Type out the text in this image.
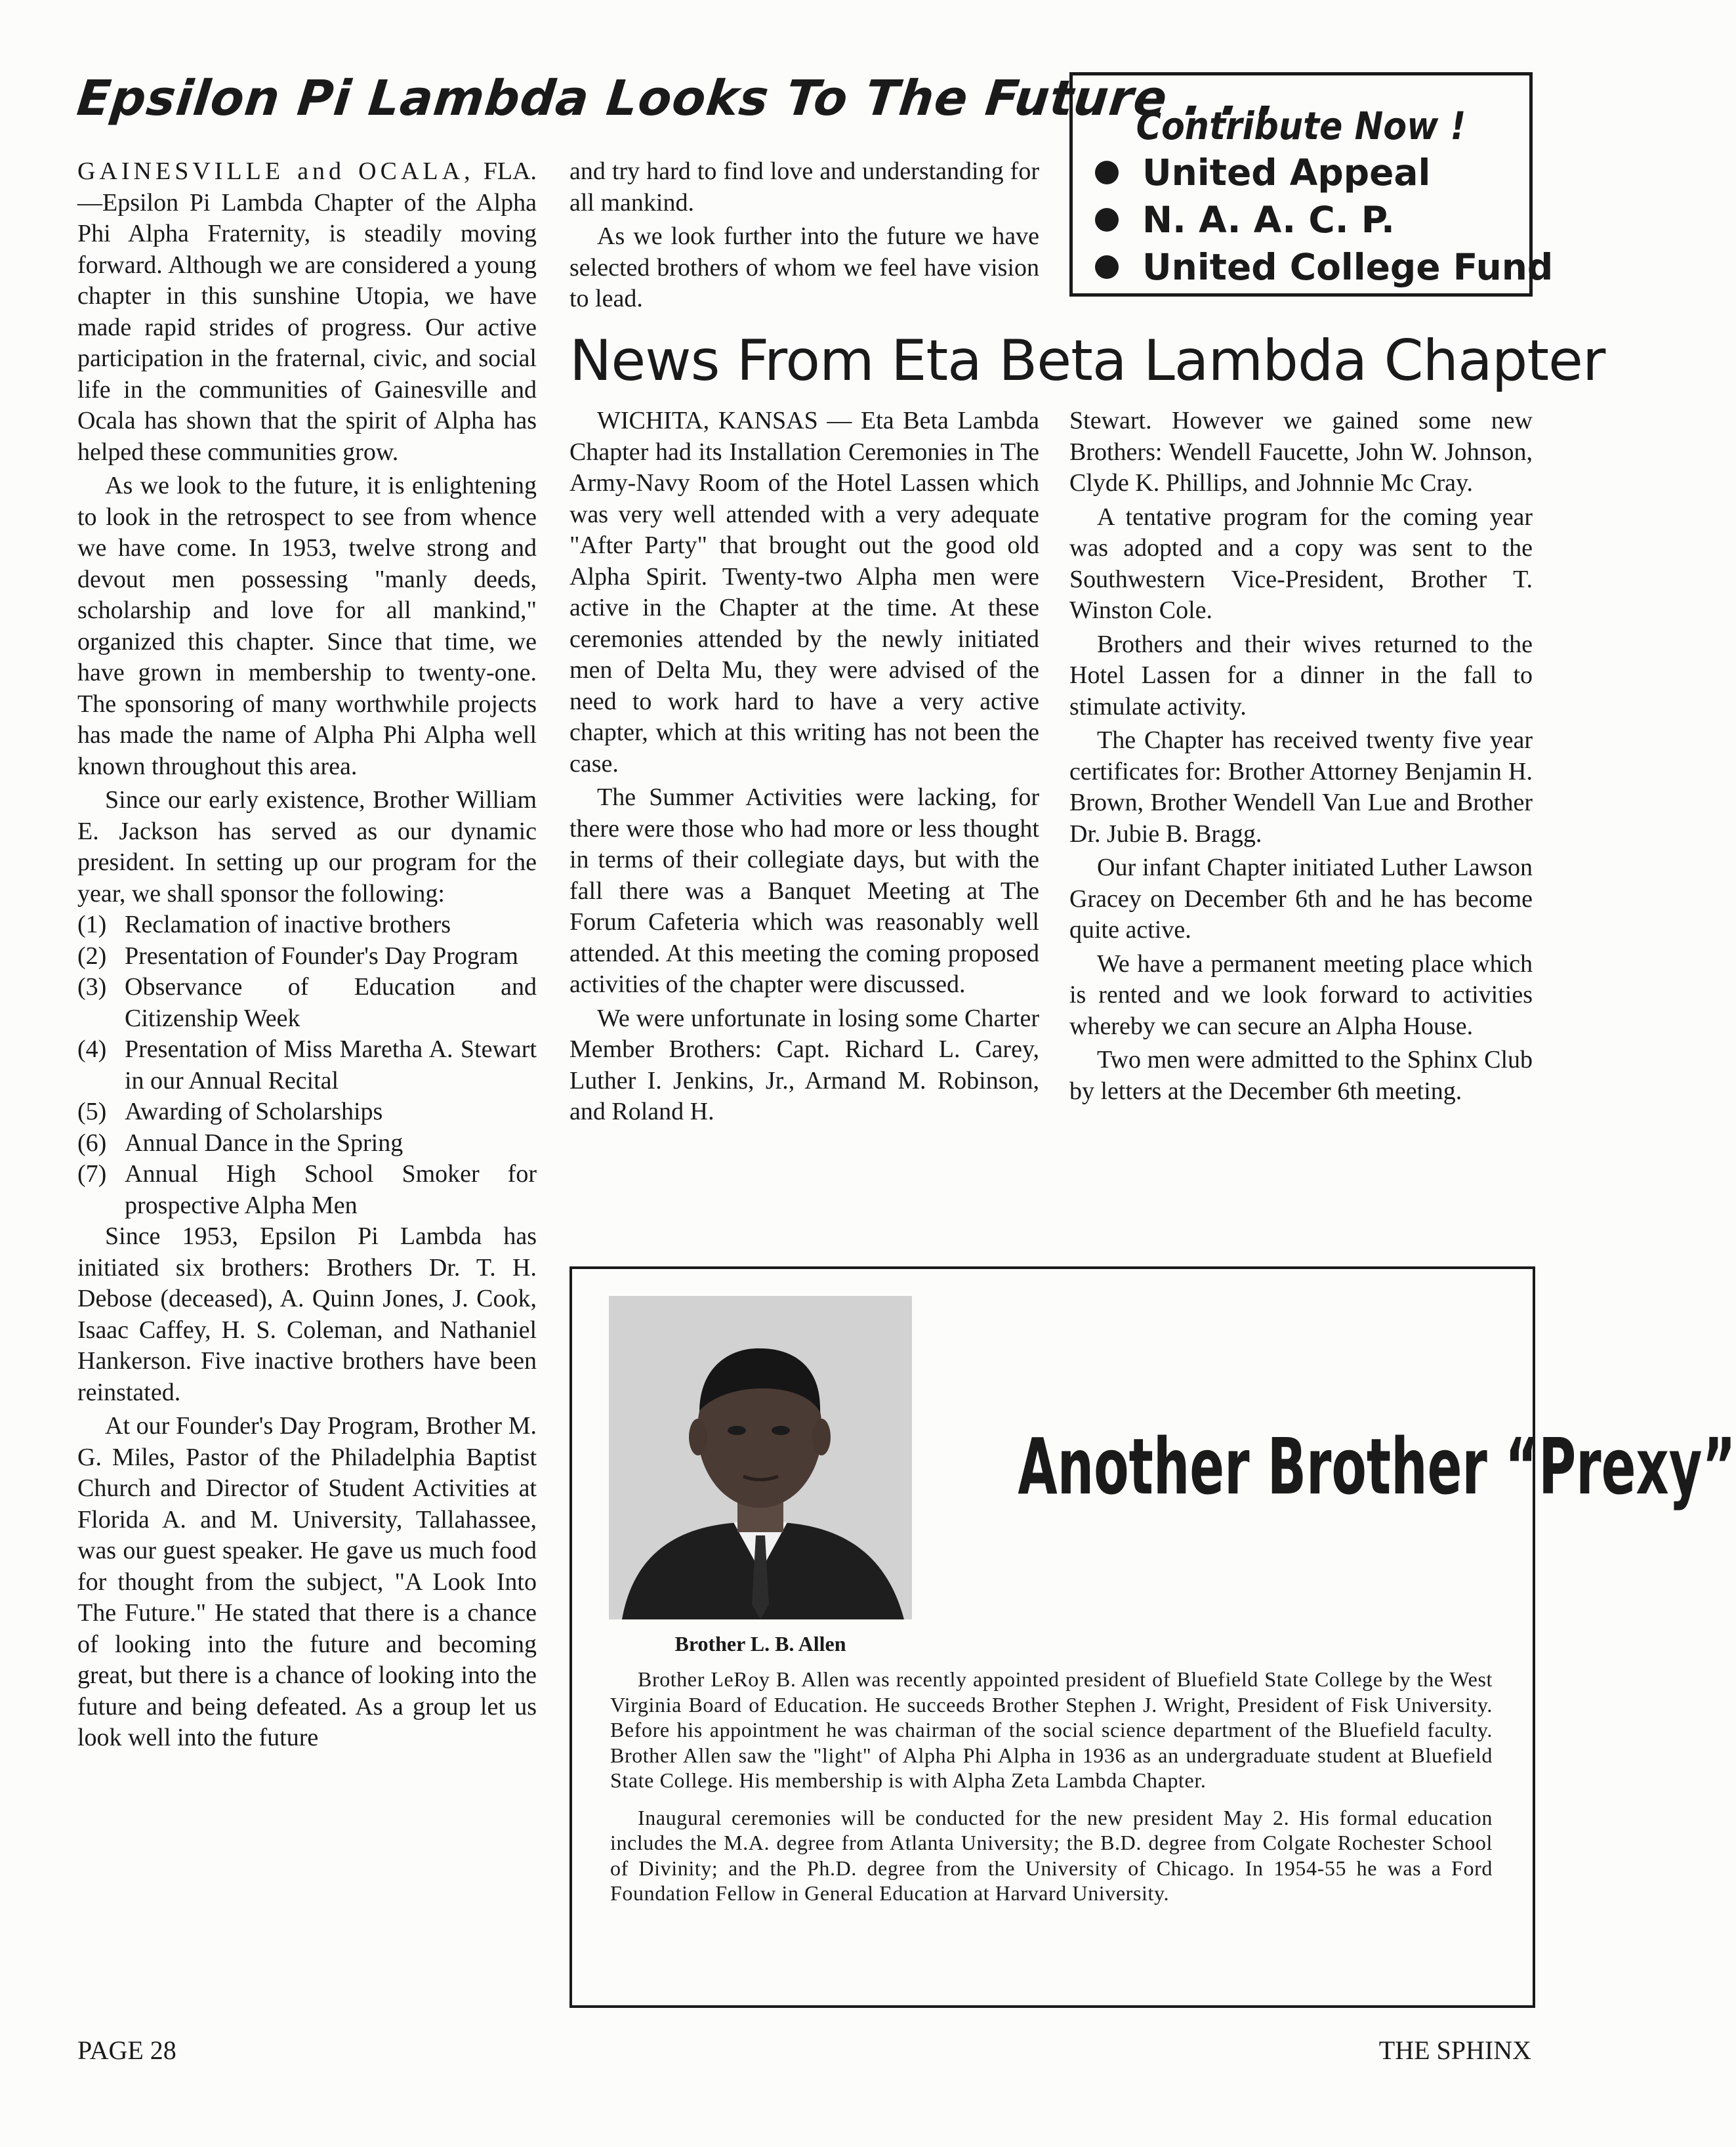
Epsilon Pi Lambda Looks To The Future . . .

GAINESVILLE and OCALA, FLA.—Epsilon Pi Lambda Chapter of the Alpha Phi Alpha Fraternity, is steadily moving forward. Although we are considered a young chapter in this sunshine Utopia, we have made rapid strides of progress. Our active participation in the fraternal, civic, and social life in the communities of Gainesville and Ocala has shown that the spirit of Alpha has helped these communities grow.

As we look to the future, it is enlightening to look in the retrospect to see from whence we have come. In 1953, twelve strong and devout men possessing "manly deeds, scholarship and love for all mankind," organized this chapter. Since that time, we have grown in membership to twenty-one. The sponsoring of many worthwhile projects has made the name of Alpha Phi Alpha well known throughout this area.

Since our early existence, Brother William E. Jackson has served as our dynamic president. In setting up our program for the year, we shall sponsor the following:

(1) Reclamation of inactive brothers
(2) Presentation of Founder's Day Program
(3) Observance of Education and Citizenship Week
(4) Presentation of Miss Maretha A. Stewart in our Annual Recital
(5) Awarding of Scholarships
(6) Annual Dance in the Spring
(7) Annual High School Smoker for prospective Alpha Men

Since 1953, Epsilon Pi Lambda has initiated six brothers: Brothers Dr. T. H. Debose (deceased), A. Quinn Jones, J. Cook, Isaac Caffey, H. S. Coleman, and Nathaniel Hankerson. Five inactive brothers have been reinstated.

At our Founder's Day Program, Brother M. G. Miles, Pastor of the Philadelphia Baptist Church and Director of Student Activities at Florida A. and M. University, Tallahassee, was our guest speaker. He gave us much food for thought from the subject, "A Look Into The Future." He stated that there is a chance of looking into the future and becoming great, but there is a chance of looking into the future and being defeated. As a group let us look well into the future

and try hard to find love and understanding for all mankind.

As we look further into the future we have selected brothers of whom we feel have vision to lead.

Contribute Now !
United Appeal
N. A. A. C. P.
United College Fund
News From Eta Beta Lambda Chapter

WICHITA, KANSAS — Eta Beta Lambda Chapter had its Installation Ceremonies in The Army-Navy Room of the Hotel Lassen which was very well attended with a very adequate "After Party" that brought out the good old Alpha Spirit. Twenty-two Alpha men were active in the Chapter at the time. At these ceremonies attended by the newly initiated men of Delta Mu, they were advised of the need to work hard to have a very active chapter, which at this writing has not been the case.

The Summer Activities were lacking, for there were those who had more or less thought in terms of their collegiate days, but with the fall there was a Banquet Meeting at The Forum Cafeteria which was reasonably well attended. At this meeting the coming proposed activities of the chapter were discussed.

We were unfortunate in losing some Charter Member Brothers: Capt. Richard L. Carey, Luther I. Jenkins, Jr., Armand M. Robinson, and Roland H.

Stewart. However we gained some new Brothers: Wendell Faucette, John W. Johnson, Clyde K. Phillips, and Johnnie Mc Cray.

A tentative program for the coming year was adopted and a copy was sent to the Southwestern Vice-President, Brother T. Winston Cole.

Brothers and their wives returned to the Hotel Lassen for a dinner in the fall to stimulate activity.

The Chapter has received twenty five year certificates for: Brother Attorney Benjamin H. Brown, Brother Wendell Van Lue and Brother Dr. Jubie B. Bragg.

Our infant Chapter initiated Luther Lawson Gracey on December 6th and he has become quite active.

We have a permanent meeting place which is rented and we look forward to activities whereby we can secure an Alpha House.

Two men were admitted to the Sphinx Club by letters at the December 6th meeting.

Another Brother “Prexy”
Brother L. B. Allen

Brother LeRoy B. Allen was recently appointed president of Bluefield State College by the West Virginia Board of Education. He succeeds Brother Stephen J. Wright, President of Fisk University. Before his appointment he was chairman of the social science department of the Bluefield faculty. Brother Allen saw the "light" of Alpha Phi Alpha in 1936 as an undergraduate student at Bluefield State College. His membership is with Alpha Zeta Lambda Chapter.

Inaugural ceremonies will be conducted for the new president May 2. His formal education includes the M.A. degree from Atlanta University; the B.D. degree from Colgate Rochester School of Divinity; and the Ph.D. degree from the University of Chicago. In 1954-55 he was a Ford Foundation Fellow in General Education at Harvard University.

PAGE 28	THE SPHINX
